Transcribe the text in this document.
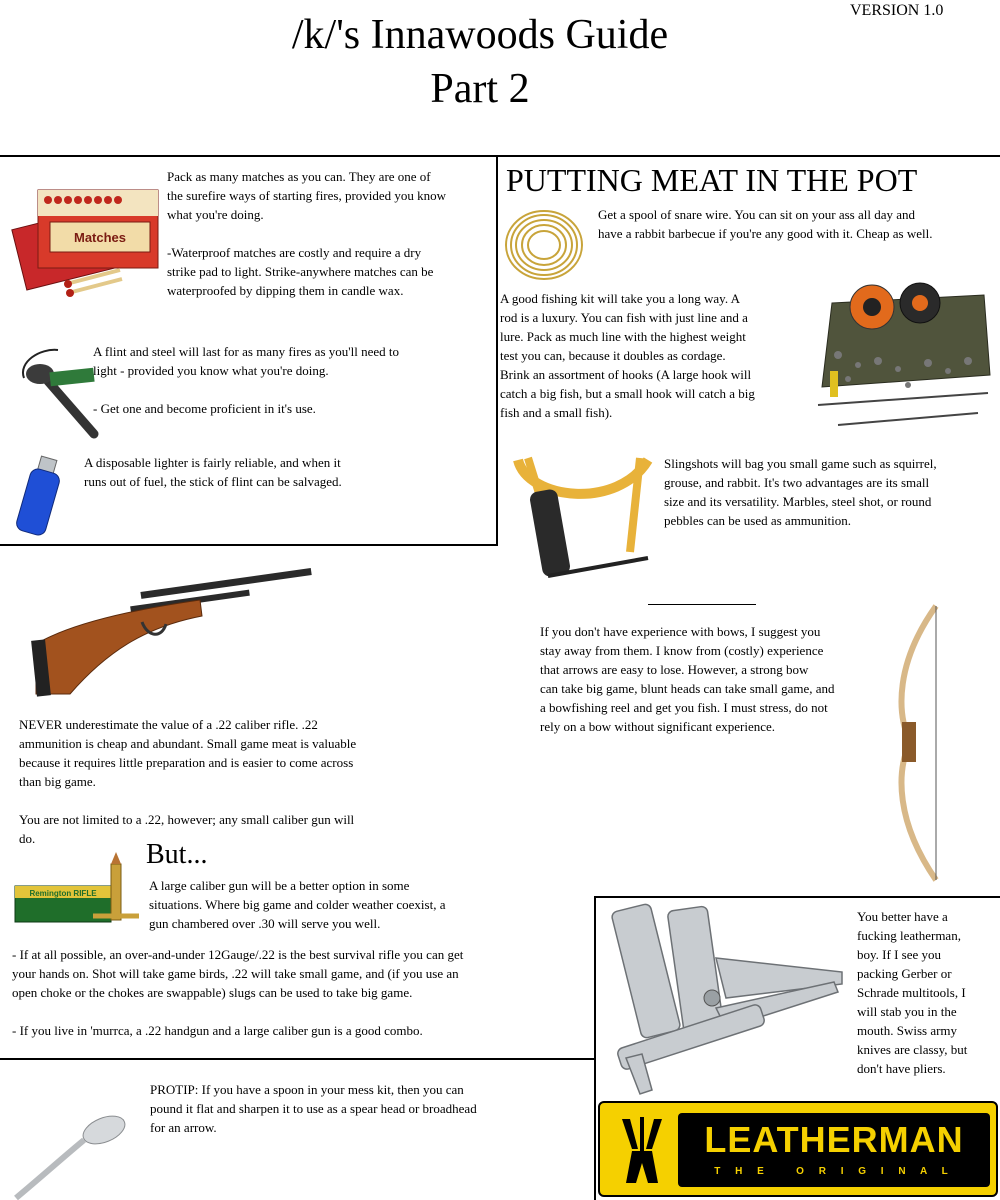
/k/'s Innawoods Guide
Part 2
VERSION 1.0
Matches
Pack as many matches as you can. They are one of
the surefire ways of starting fires, provided you know
what you're doing.

-Waterproof matches are costly and require a dry
strike pad to light. Strike-anywhere matches can be
waterproofed by dipping them in candle wax.
A flint and steel will last for as many fires as you'll need to
light - provided you know what you're doing.

- Get one and become proficient in it's use.
A disposable lighter is fairly reliable, and when it
runs out of fuel, the stick of flint can be salvaged.
PUTTING MEAT IN THE POT
Get a spool of snare wire. You can sit on your ass all day and
have a rabbit barbecue if you're any good with it. Cheap as well.
A good fishing kit will take you a long way. A
rod is a luxury. You can fish with just line and a
lure. Pack as much line with the highest weight
test you can, because it doubles as cordage.
Brink an assortment of hooks (A large hook will
catch a big fish, but a small hook will catch a big
fish and a small fish).
Slingshots will bag you small game such as squirrel,
grouse, and rabbit. It's two advantages are its small
size and its versatility. Marbles, steel shot, or round
pebbles can be used as ammunition.
If you don't have experience with bows, I suggest you
stay away from them. I know from (costly) experience
that arrows are easy to lose. However, a strong bow
can take big game, blunt heads can take small game, and
a bowfishing reel and get you fish. I must stress, do not
rely on a bow without significant experience.
NEVER underestimate the value of a .22 caliber rifle. .22
ammunition is cheap and abundant. Small game meat is valuable
because it requires little preparation and is easier to come across
than big game.

You are not limited to a .22, however; any small caliber gun will
do.
But...
Remington RIFLE
A large caliber gun will be a better option in some
situations. Where big game and colder weather coexist, a
gun chambered over .30 will serve you well.
- If at all possible, an over-and-under 12Gauge/.22 is the best survival rifle you can get
your hands on. Shot will take game birds, .22 will take small game, and (if you use an
open choke or the chokes are swappable) slugs can be used to take big game.

- If you live in 'murrca, a .22 handgun and a large caliber gun is a good combo.
PROTIP: If you have a spoon in your mess kit, then you can
pound it flat and sharpen it to use as a spear head or broadhead
for an arrow.
You better have a
fucking leatherman,
boy. If I see you
packing Gerber or
Schrade multitools, I
will stab you in the
mouth. Swiss army
knives are classy, but
don't have pliers.
LEATHERMAN
T H E   O R I G I N A L
